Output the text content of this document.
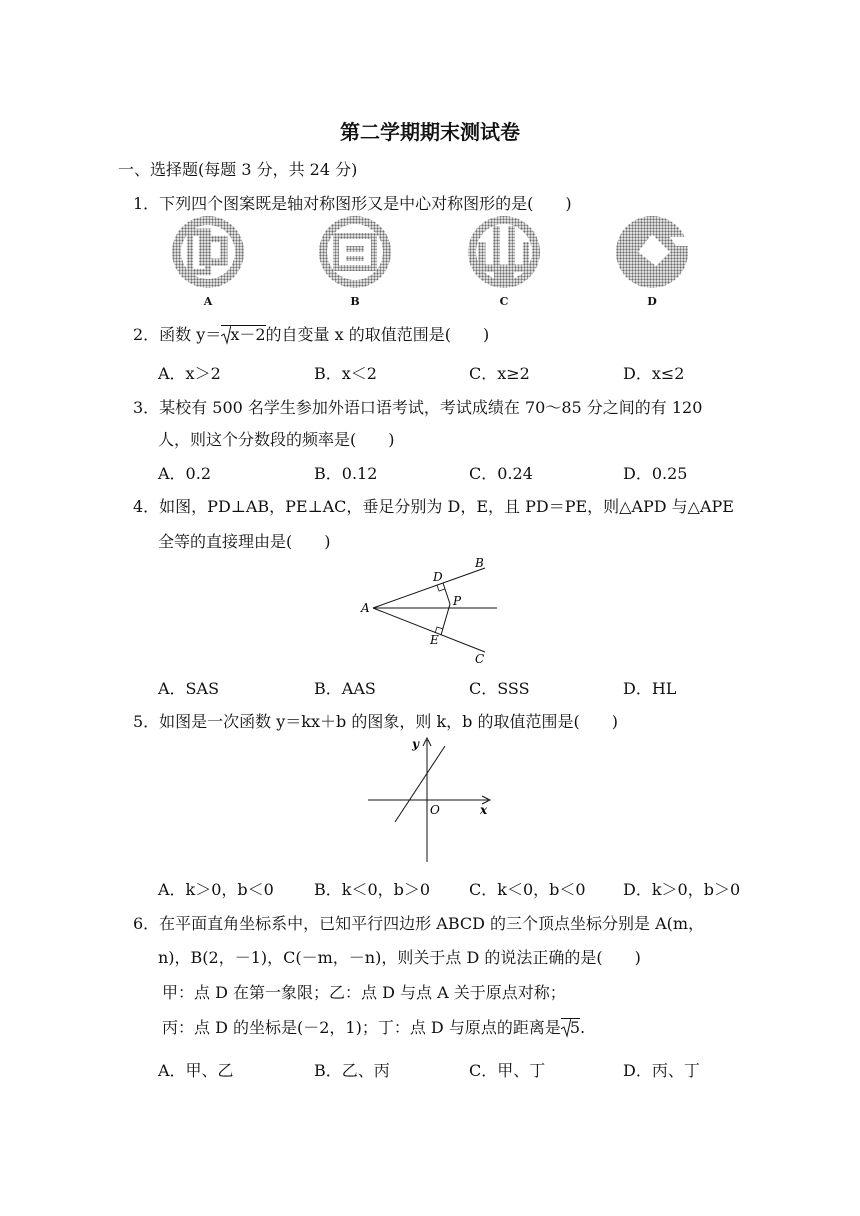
第二学期期末测试卷
一、选择题(每题 3 分，共 24 分)
1．下列四个图案既是轴对称图形又是中心对称图形的是(　　)
A	B	C	D
2．函数 y＝ x－2的自变量 x 的取值范围是(　　)
A．x＞2	B．x＜2	C．x≥2	D．x≤2
3．某校有 500 名学生参加外语口语考试，考试成绩在 70～85 分之间的有 120
人，则这个分数段的频率是(　　)
A．0.2	B．0.12	C．0.24	D．0.25
4．如图，PD⊥AB，PE⊥AC，垂足分别为 D，E，且 PD＝PE，则△APD 与△APE
全等的直接理由是(　　)
A
B
C
D
E
P
A．SAS	B．AAS	C．SSS	D．HL
5．如图是一次函数 y＝kx＋b 的图象，则 k，b 的取值范围是(　　)
y
x
O
A．k＞0，b＜0	B．k＜0，b＞0 C．k＜0，b＜0 D．k＞0，b＞0
6．在平面直角坐标系中，已知平行四边形 ABCD 的三个顶点坐标分别是 A(m，
n)，B(2，－1)，C(－m，－n)，则关于点 D 的说法正确的是(　　)
甲：点 D 在第一象限；乙：点 D 与点 A 关于原点对称；
丙：点 D 的坐标是(－2，1)；丁：点 D 与原点的距离是 5.
A．甲、乙	B．乙、丙	C．甲、丁	D．丙、丁
